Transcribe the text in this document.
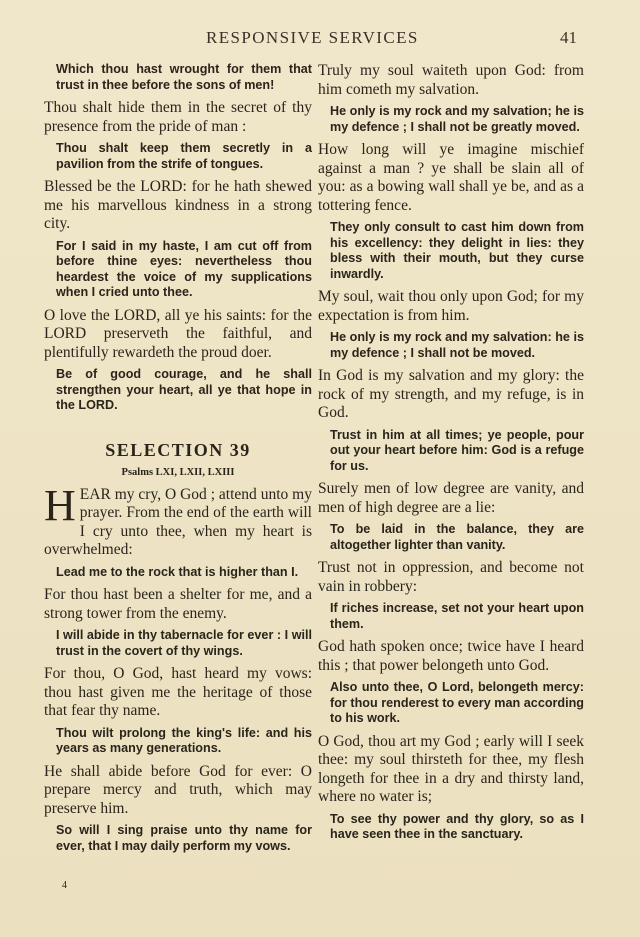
RESPONSIVE SERVICES	41

Which thou hast wrought for them that trust in thee before the sons of men!

Thou shalt hide them in the secret of thy presence from the pride of man :

Thou shalt keep them secretly in a pavilion from the strife of tongues.

Blessed be the LORD: for he hath shewed me his marvellous kindness in a strong city.

For I said in my haste, I am cut off from before thine eyes: nevertheless thou heardest the voice of my supplications when I cried unto thee.

O love the LORD, all ye his saints: for the LORD preserveth the faithful, and plentifully rewardeth the proud doer.

Be of good courage, and he shall strengthen your heart, all ye that hope in the LORD.

SELECTION 39
Psalms LXI, LXII, LXIII

HEAR my cry, O God ; attend unto my prayer. From the end of the earth will I cry unto thee, when my heart is overwhelmed:

Lead me to the rock that is higher than I.

For thou hast been a shelter for me, and a strong tower from the enemy.

I will abide in thy tabernacle for ever : I will trust in the covert of thy wings.

For thou, O God, hast heard my vows: thou hast given me the heritage of those that fear thy name.

Thou wilt prolong the king's life: and his years as many generations.

He shall abide before God for ever: O prepare mercy and truth, which may preserve him.

So will I sing praise unto thy name for ever, that I may daily perform my vows.

4

Truly my soul waiteth upon God: from him cometh my salvation.

He only is my rock and my salvation; he is my defence ; I shall not be greatly moved.

How long will ye imagine mischief against a man ? ye shall be slain all of you: as a bowing wall shall ye be, and as a tottering fence.

They only consult to cast him down from his excellency: they delight in lies: they bless with their mouth, but they curse inwardly.

My soul, wait thou only upon God; for my expectation is from him.

He only is my rock and my salvation: he is my defence ; I shall not be moved.

In God is my salvation and my glory: the rock of my strength, and my refuge, is in God.

Trust in him at all times; ye people, pour out your heart before him: God is a refuge for us.

Surely men of low degree are vanity, and men of high degree are a lie:

To be laid in the balance, they are altogether lighter than vanity.

Trust not in oppression, and become not vain in robbery:

If riches increase, set not your heart upon them.

God hath spoken once; twice have I heard this ; that power belongeth unto God.

Also unto thee, O Lord, belongeth mercy: for thou renderest to every man according to his work.

O God, thou art my God ; early will I seek thee: my soul thirsteth for thee, my flesh longeth for thee in a dry and thirsty land, where no water is;

To see thy power and thy glory, so as I have seen thee in the sanctuary.
